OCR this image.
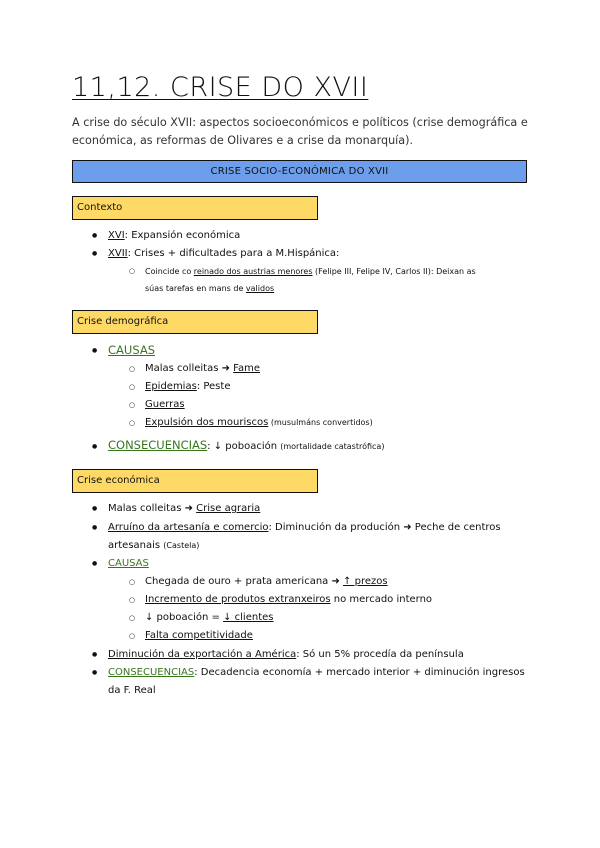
11,12. CRISE DO XVII
A crise do século XVII: aspectos socioeconómicos e políticos (crise demográfica e económica, as reformas de Olivares e a crise da monarquía).
CRISE SOCIO-ECONÓMICA DO XVII
Contexto
● XVI: Expansión económica
● XVII: Crises + dificultades para a M.Hispánica:
○ Coincide co reinado dos austrias menores (Felipe III, Felipe IV, Carlos II): Deixan as
súas tarefas en mans de validos
Crise demográfica
● CAUSAS
○ Malas colleitas ➜ Fame
○ Epidemias: Peste
○ Guerras
○ Expulsión dos mouriscos (musulmáns convertidos)
● CONSECUENCIAS: ↓ poboación (mortalidade catastrófica)
Crise económica
● Malas colleitas ➜ Crise agraria
● Arruíno da artesanía e comercio: Diminución da produción ➜ Peche de centros
artesanais (Castela)
● CAUSAS
○ Chegada de ouro + prata americana ➜ ↑ prezos
○ Incremento de produtos extranxeiros no mercado interno
○ ↓ poboación = ↓ clientes
○ Falta competitividade
● Diminución da exportación a América: Só un 5% procedía da península
● CONSECUENCIAS: Decadencia economía + mercado interior + diminución ingresos
da F. Real
